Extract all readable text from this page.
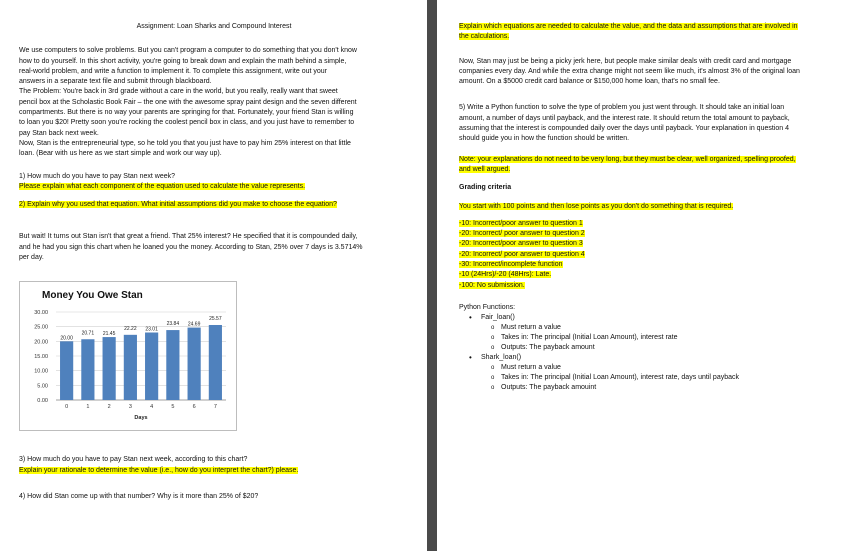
Assignment: Loan Sharks and Compound Interest

We use computers to solve problems. But you can't program a computer to do something that you don't know

how to do yourself. In this short activity, you're going to break down and explain the math behind a simple,

real-world problem, and write a function to implement it. To complete this assignment, write out your

answers in a separate text file and submit through blackboard.

The Problem: You're back in 3rd grade without a care in the world, but you really, really want that sweet

pencil box at the Scholastic Book Fair – the one with the awesome spray paint design and the seven different

compartments. But there is no way your parents are springing for that. Fortunately, your friend Stan is willing

to loan you $20! Pretty soon you're rocking the coolest pencil box in class, and you just have to remember to

pay Stan back next week.

Now, Stan is the entrepreneurial type, so he told you that you just have to pay him 25% interest on that little

loan. (Bear with us here as we start simple and work our way up).

1) How much do you have to pay Stan next week?

Please explain what each component of the equation used to calculate the value represents.

2) Explain why you used that equation. What initial assumptions did you make to choose the equation?

But wait! It turns out Stan isn't that great a friend. That 25% interest? He specified that it is compounded daily,

and he had you sign this chart when he loaned you the money. According to Stan, 25% over 7 days is 3.5714%

per day.

Money You Owe Stan
0.00
5.00
10.00
15.00
20.00
25.00
30.00
20.00
0
20.71
1
21.45
2
22.22
3
23.01
4
23.84
5
24.69
6
25.57
7
Days

3) How much do you have to pay Stan next week, according to this chart?

Explain your rationale to determine the value (i.e., how do you interpret the chart?) please.

4) How did Stan come up with that number? Why is it more than 25% of $20?

Explain which equations are needed to calculate the value, and the data and assumptions that are involved in

the calculations.

Now, Stan may just be being a picky jerk here, but people make similar deals with credit card and mortgage

companies every day. And while the extra change might not seem like much, it's almost 3% of the original loan

amount. On a $5000 credit card balance or $150,000 home loan, that's no small fee.

5) Write a Python function to solve the type of problem you just went through. It should take an initial loan

amount, a number of days until payback, and the interest rate. It should return the total amount to payback,

assuming that the interest is compounded daily over the days until payback. Your explanation in question 4

should guide you in how the function should be written.

Note: your explanations do not need to be very long, but they must be clear, well organized, spelling proofed,

and well argued.

Grading criteria

You start with 100 points and then lose points as you don't do something that is required.

-10: Incorrect/poor answer to question 1

-20: Incorrect/ poor answer to question 2

-20: Incorrect/poor answer to question 3

-20: Incorrect/ poor answer to question 4

-30: Incorrect/incomplete function

-10 (24Hrs)/-20 (48Hrs): Late.

-100: No submission.

Python Functions:

• Fair_loan()
o Must return a value
o Takes in: The principal (Initial Loan Amount), interest rate
o Outputs: The payback amount
• Shark_loan()
o Must return a value
o Takes in: The principal (Initial Loan Amount), interest rate, days until payback
o Outputs: The payback amouint
